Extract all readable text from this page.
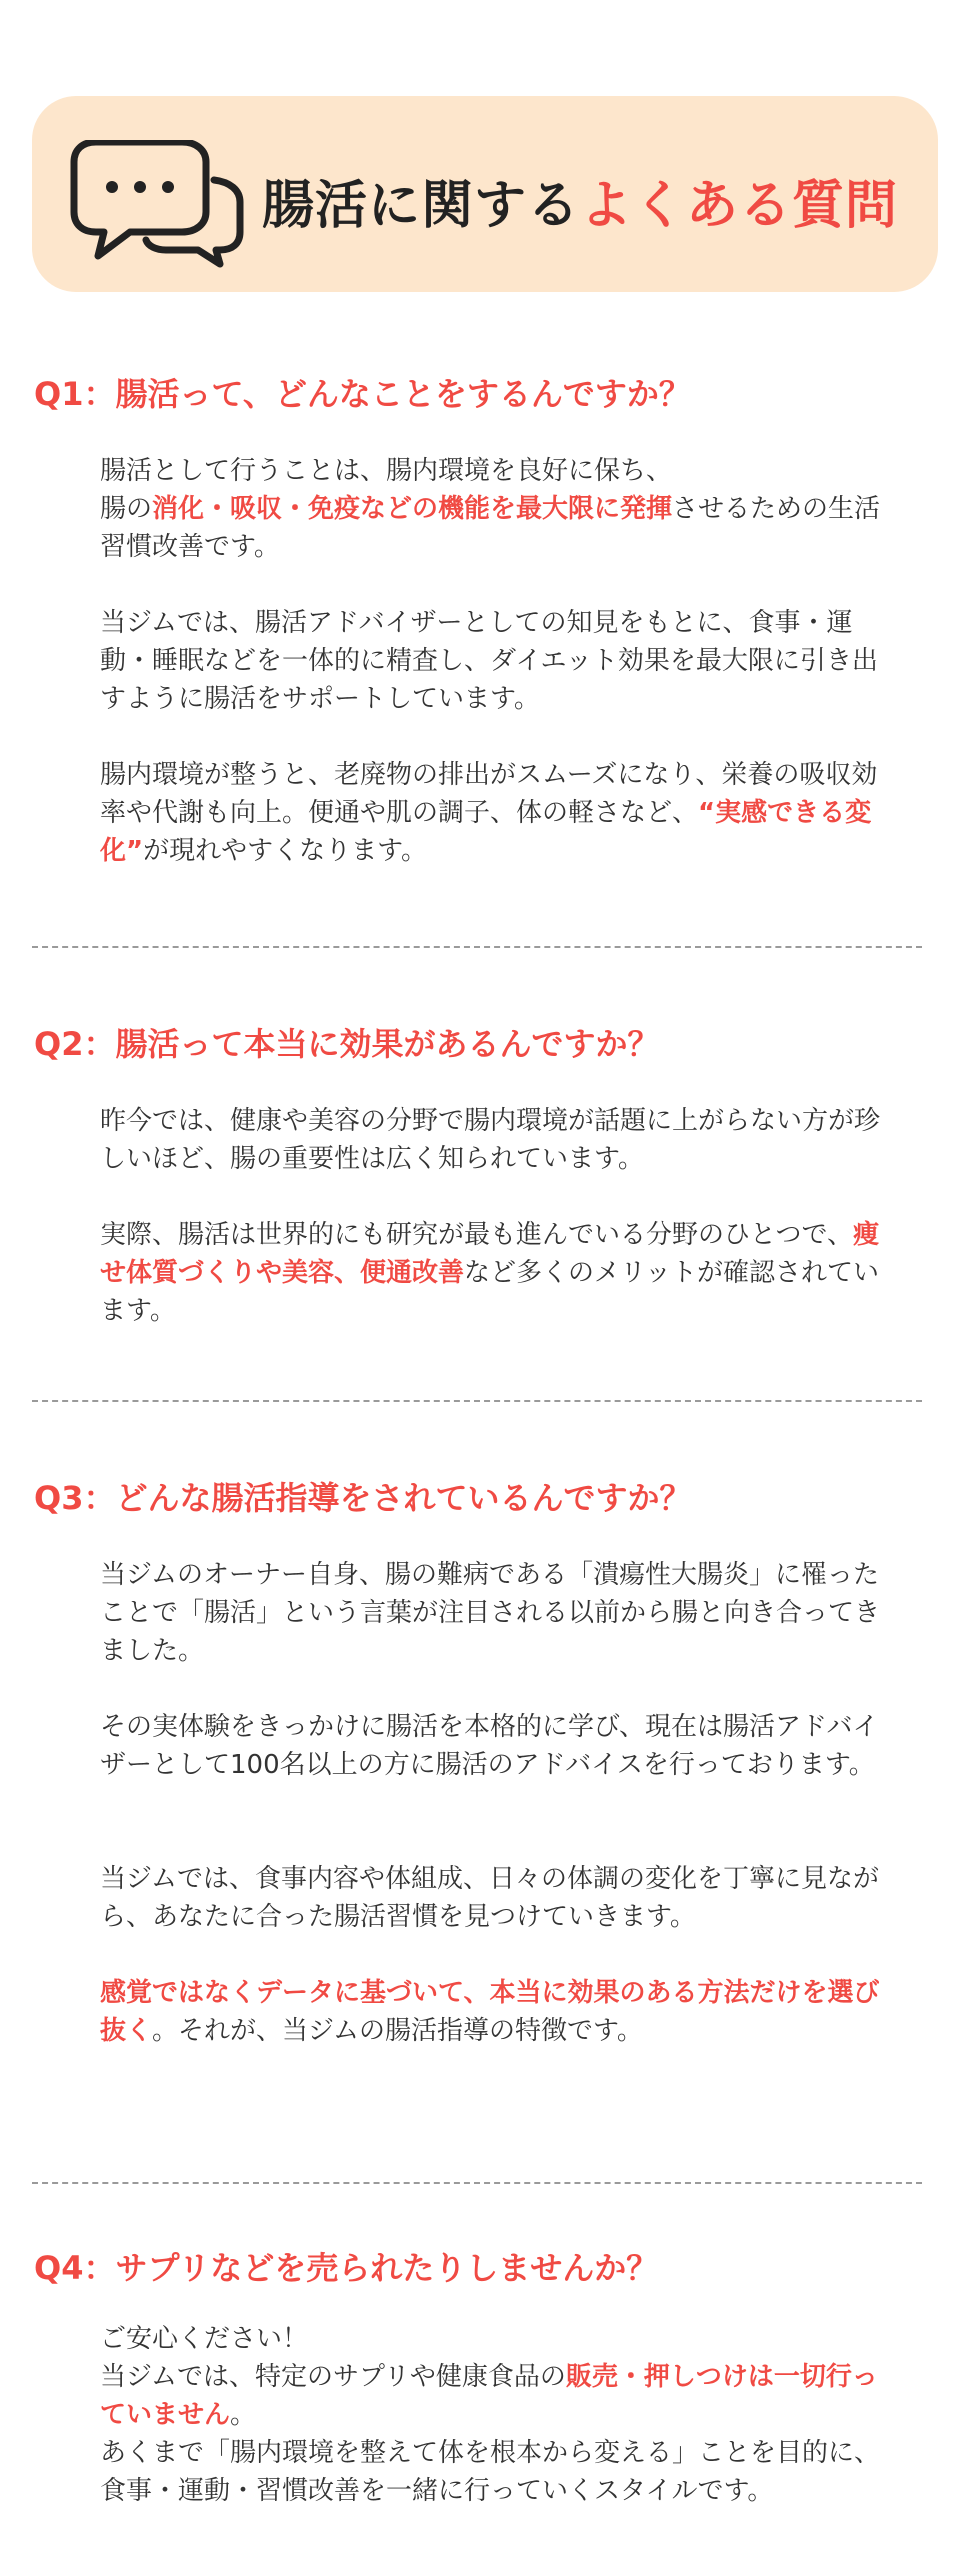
腸活に関するよくある質問
Q1：腸活って、どんなことをするんですか？

腸活として行うことは、腸内環境を良好に保ち、
腸の消化・吸収・免疫などの機能を最大限に発揮させるための生活習慣改善です。

当ジムでは、腸活アドバイザーとしての知見をもとに、食事・運動・睡眠などを一体的に精査し、ダイエット効果を最大限に引き出すように腸活をサポートしています。

腸内環境が整うと、老廃物の排出がスムーズになり、栄養の吸収効率や代謝も向上。便通や肌の調子、体の軽さなど、“実感できる変化”が現れやすくなります。

Q2：腸活って本当に効果があるんですか？

昨今では、健康や美容の分野で腸内環境が話題に上がらない方が珍しいほど、腸の重要性は広く知られています。

実際、腸活は世界的にも研究が最も進んでいる分野のひとつで、痩せ体質づくりや美容、便通改善など多くのメリットが確認されています。

Q3：どんな腸活指導をされているんですか？

当ジムのオーナー自身、腸の難病である「潰瘍性大腸炎」に罹ったことで「腸活」という言葉が注目される以前から腸と向き合ってきました。

その実体験をきっかけに腸活を本格的に学び、現在は腸活アドバイザーとして100名以上の方に腸活のアドバイスを行っております。

当ジムでは、食事内容や体組成、日々の体調の変化を丁寧に見ながら、あなたに合った腸活習慣を見つけていきます。

感覚ではなくデータに基づいて、本当に効果のある方法だけを選び抜く。それが、当ジムの腸活指導の特徴です。

Q4：サプリなどを売られたりしませんか？

ご安心ください！
当ジムでは、特定のサプリや健康食品の販売・押しつけは一切行っていません。
あくまで「腸内環境を整えて体を根本から変える」ことを目的に、食事・運動・習慣改善を一緒に行っていくスタイルです。
